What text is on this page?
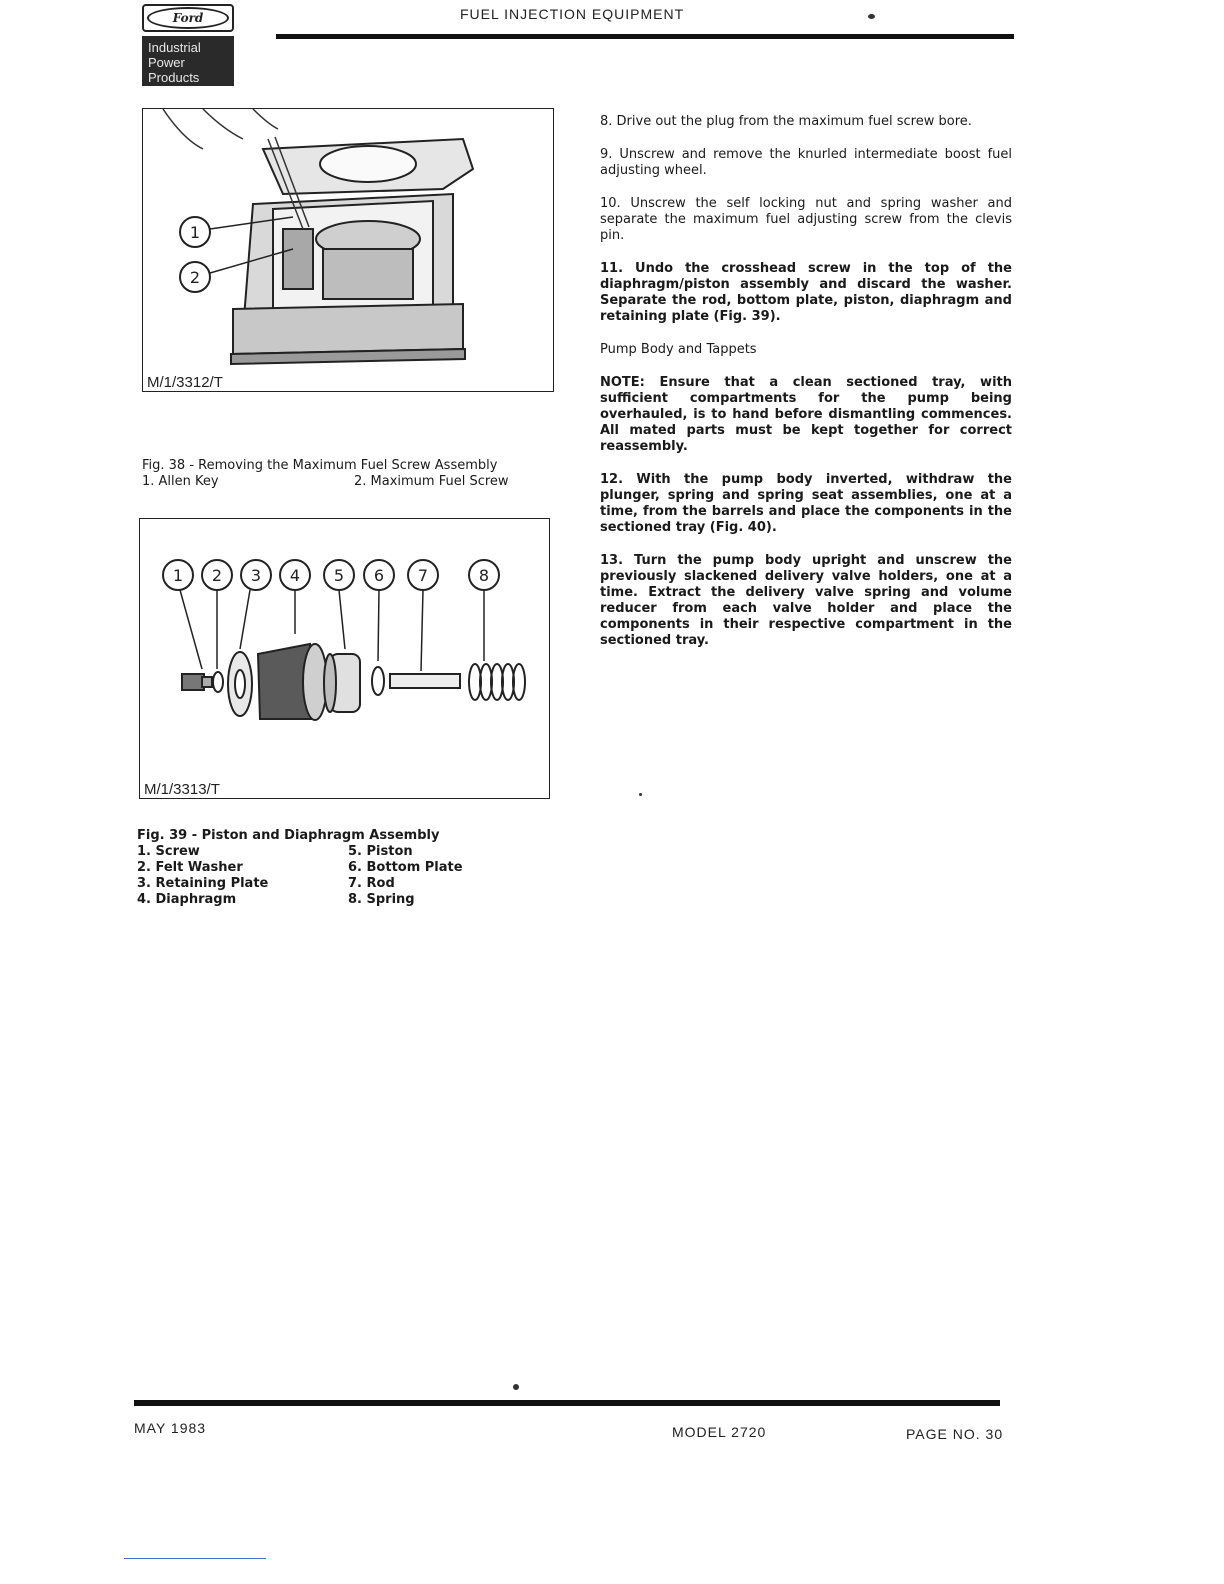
Ford
Industrial
Power
Products
FUEL INJECTION EQUIPMENT
1
2
M/1/3312/T
Fig. 38 - Removing the Maximum Fuel Screw Assembly
1. Allen Key	2. Maximum Fuel Screw
1 2 3 4 5 6 7	8
M/1/3313/T
Fig. 39 - Piston and Diaphragm Assembly
1. Screw	5. Piston
2. Felt Washer	6. Bottom Plate
3. Retaining Plate	7. Rod
4. Diaphragm	8. Spring

8. Drive out the plug from the maximum fuel screw bore.

9. Unscrew and remove the knurled intermediate boost fuel adjusting wheel.

10. Unscrew the self locking nut and spring washer and separate the maximum fuel adjusting screw from the clevis pin.

11. Undo the crosshead screw in the top of the diaphragm/piston assembly and discard the washer. Separate the rod, bottom plate, piston, diaphragm and retaining plate (Fig. 39).

Pump Body and Tappets

NOTE: Ensure that a clean sectioned tray, with sufficient compartments for the pump being overhauled, is to hand before dismantling commences. All mated parts must be kept together for correct reassembly.

12. With the pump body inverted, withdraw the plunger, spring and spring seat assemblies, one at a time, from the barrels and place the components in the sectioned tray (Fig. 40).

13. Turn the pump body upright and unscrew the previously slackened delivery valve holders, one at a time. Extract the delivery valve spring and volume reducer from each valve holder and place the components in their respective compartment in the sectioned tray.

MAY 1983	MODEL 2720	PAGE NO. 30
